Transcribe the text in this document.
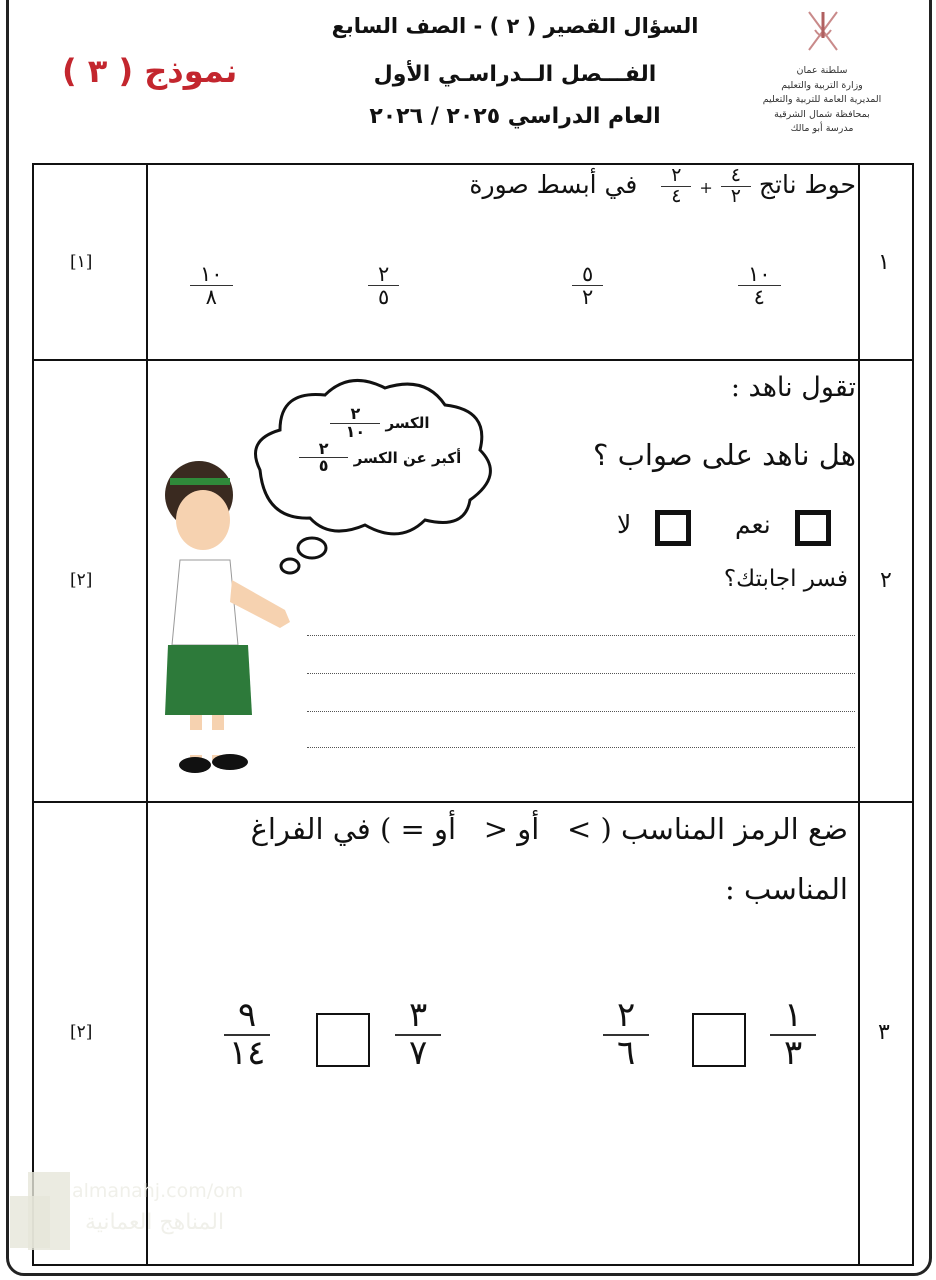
سلطنة عمان
وزارة التربية والتعليم
المديرية العامة للتربية والتعليم
بمحافظة شمال الشرقية
مدرسة أبو مالك
السؤال القصير ( ٢ ) - الصف السابع
الفـــصل الــدراسـي الأول
العام الدراسي ٢٠٢٥ / ٢٠٢٦
نموذج ( ٣ )
١
[١]
حوط ناتج
$\frac{٤}{٢}$
+
$\frac{٢}{٤}$
في أبسط صورة
١٠
٤
٥
٢
٢
٥
١٠
٨
٢
[٢]
تقول ناهد :
هل ناهد على صواب ؟
نعم
لا
فسر اجابتك؟
الكسر
$\frac{٢}{١٠}$
أكبر عن الكسر
$\frac{٢}{٥}$
٣
[٢]
ضع الرمز المناسب ( >   أو <   أو = ) في الفراغ
المناسب :
١
٣
٢
٦
٣
٧
٩
١٤
almanahj.com/om
المناهج العمانية
